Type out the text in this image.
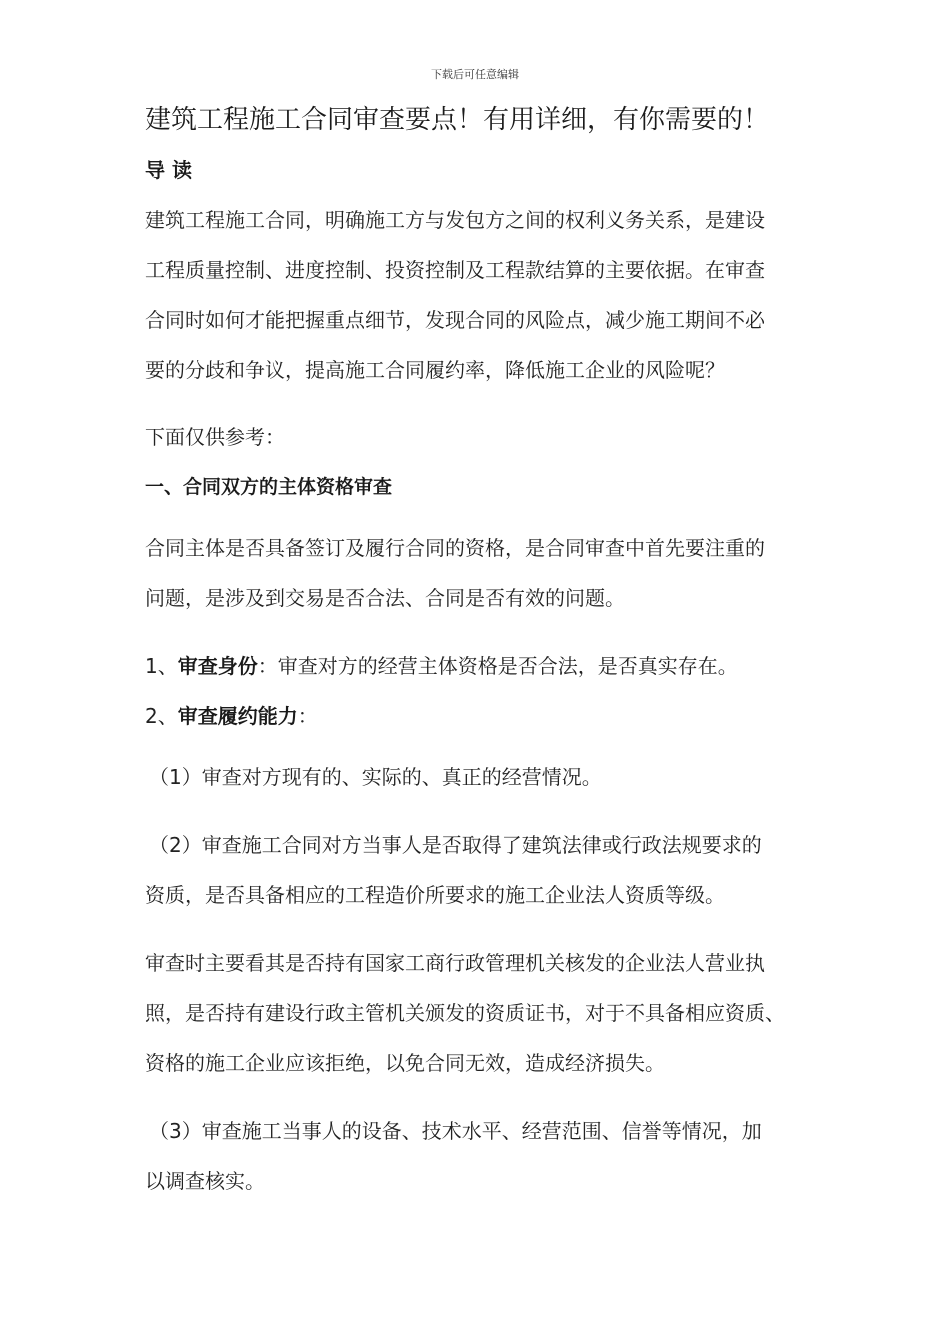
下载后可任意编辑
建筑工程施工合同审查要点！有用详细，有你需要的！
导 读
建筑工程施工合同，明确施工方与发包方之间的权利义务关系，是建设
工程质量控制、进度控制、投资控制及工程款结算的主要依据。在审查
合同时如何才能把握重点细节，发现合同的风险点，减少施工期间不必
要的分歧和争议，提高施工合同履约率，降低施工企业的风险呢？
下面仅供参考：
一、合同双方的主体资格审查
合同主体是否具备签订及履行合同的资格，是合同审查中首先要注重的
问题，是涉及到交易是否合法、合同是否有效的问题。
1、审查身份：审查对方的经营主体资格是否合法，是否真实存在。
2、审查履约能力：
（1）审查对方现有的、实际的、真正的经营情况。
（2）审查施工合同对方当事人是否取得了建筑法律或行政法规要求的
资质，是否具备相应的工程造价所要求的施工企业法人资质等级。
审查时主要看其是否持有国家工商行政管理机关核发的企业法人营业执
照，是否持有建设行政主管机关颁发的资质证书，对于不具备相应资质、
资格的施工企业应该拒绝，以免合同无效，造成经济损失。
（3）审查施工当事人的设备、技术水平、经营范围、信誉等情况，加
以调查核实。
